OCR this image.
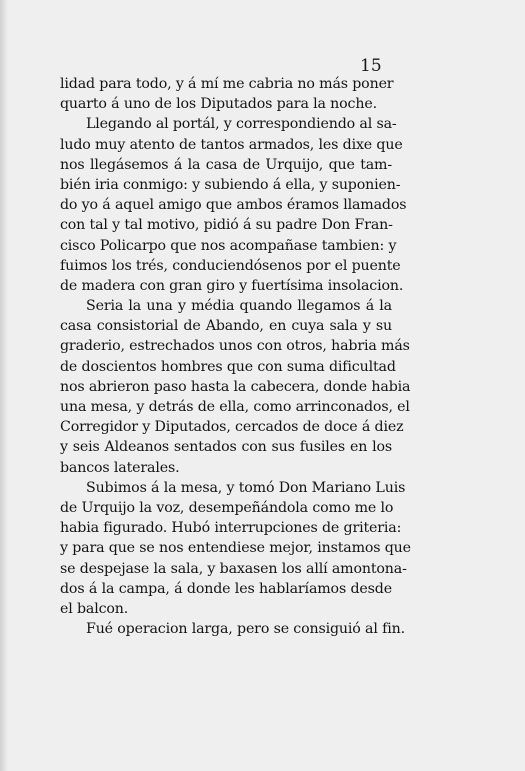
15
lidad para todo, y á mí me cabria no más poner
quarto á uno de los Diputados para la noche.
Llegando al portál, y correspondiendo al sa-
ludo muy atento de tantos armados, les dixe que
nos llegásemos á la casa de Urquijo, que tam-
bién iria conmigo: y subiendo á ella, y suponien-
do yo á aquel amigo que ambos éramos llamados
con tal y tal motivo, pidió á su padre Don Fran-
cisco Policarpo que nos acompañase tambien: y
fuimos los trés, conduciendósenos por el puente
de madera con gran giro y fuertísima insolacion.
Seria la una y média quando llegamos á la
casa consistorial de Abando, en cuya sala y su
graderio, estrechados unos con otros, habria más
de doscientos hombres que con suma dificultad
nos abrieron paso hasta la cabecera, donde habia
una mesa, y detrás de ella, como arrinconados, el
Corregidor y Diputados, cercados de doce á diez
y seis Aldeanos sentados con sus fusiles en los
bancos laterales.
Subimos á la mesa, y tomó Don Mariano Luis
de Urquijo la voz, desempeñándola como me lo
habia figurado. Hubó interrupciones de griteria:
y para que se nos entendiese mejor, instamos que
se despejase la sala, y baxasen los allí amontona-
dos á la campa, á donde les hablaríamos desde
el balcon.
Fué operacion larga, pero se consiguió al fin.
